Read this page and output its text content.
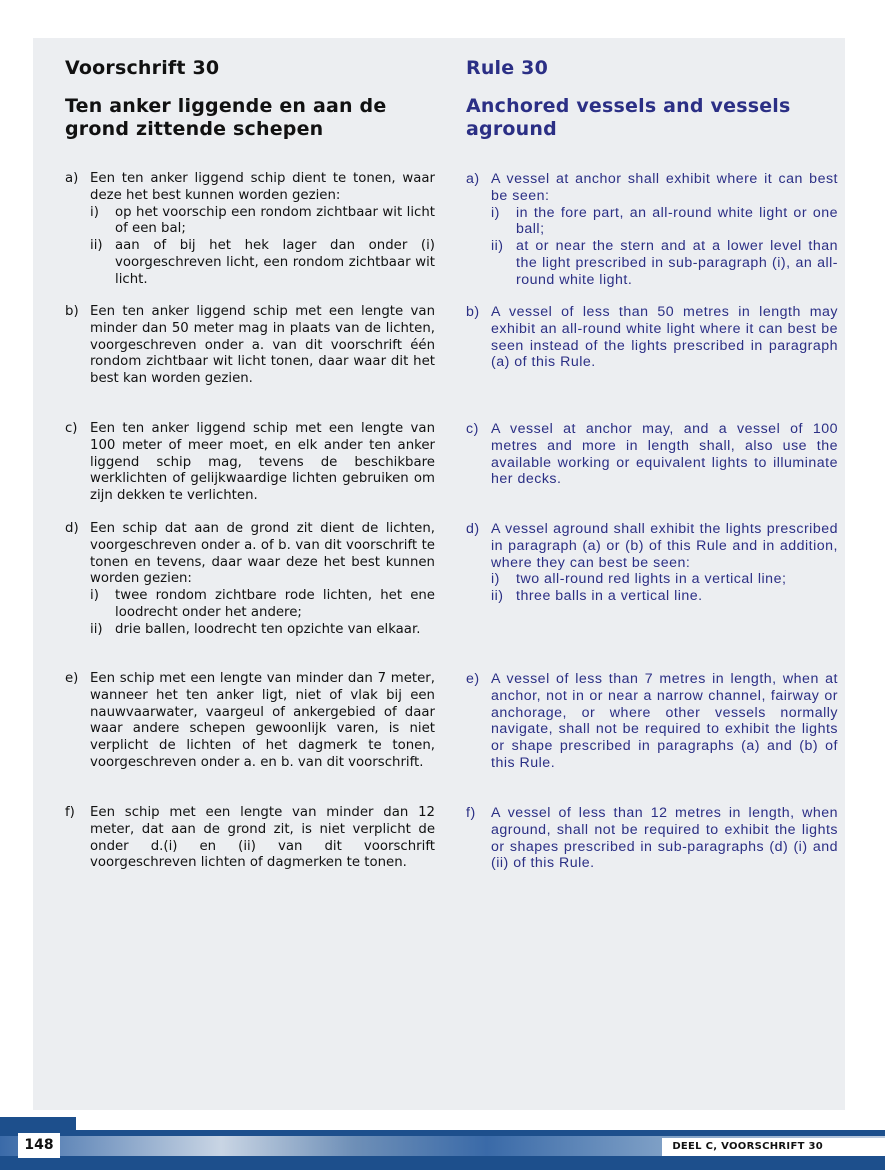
Voorschrift 30
Ten anker liggende en aan de grond zittende schepen
a) Een ten anker liggend schip dient te tonen, waar deze het best kunnen worden gezien:
i) op het voorschip een rondom zichtbaar wit licht of een bal;
ii) aan of bij het hek lager dan onder (i) voorgeschreven licht, een rondom zichtbaar wit licht.
b) Een ten anker liggend schip met een lengte van minder dan 50 meter mag in plaats van de lichten, voorgeschreven onder a. van dit voorschrift één rondom zichtbaar wit licht tonen, daar waar dit het best kan worden gezien.
c) Een ten anker liggend schip met een lengte van 100 meter of meer moet, en elk ander ten anker liggend schip mag, tevens de beschikbare werklichten of gelijkwaardige lichten gebruiken om zijn dekken te verlichten.
d) Een schip dat aan de grond zit dient de lichten, voorgeschreven onder a. of b. van dit voorschrift te tonen en tevens, daar waar deze het best kunnen worden gezien:
i) twee rondom zichtbare rode lichten, het ene loodrecht onder het andere;
ii) drie ballen, loodrecht ten opzichte van elkaar.
e) Een schip met een lengte van minder dan 7 meter, wanneer het ten anker ligt, niet of vlak bij een nauwvaarwater, vaargeul of ankergebied of daar waar andere schepen gewoonlijk varen, is niet verplicht de lichten of het dagmerk te tonen, voorgeschreven onder a. en b. van dit voorschrift.
f) Een schip met een lengte van minder dan 12 meter, dat aan de grond zit, is niet verplicht de onder d.(i) en (ii) van dit voorschrift voorgeschreven lichten of dagmerken te tonen.
Rule 30
Anchored vessels and vessels aground
a) A vessel at anchor shall exhibit where it can best be seen:
i) in the fore part, an all-round white light or one ball;
ii) at or near the stern and at a lower level than the light prescribed in sub-paragraph (i), an all-round white light.
b) A vessel of less than 50 metres in length may exhibit an all-round white light where it can best be seen instead of the lights prescribed in paragraph (a) of this Rule.
c) A vessel at anchor may, and a vessel of 100 metres and more in length shall, also use the available working or equivalent lights to illuminate her decks.
d) A vessel aground shall exhibit the lights prescribed in paragraph (a) or (b) of this Rule and in addition, where they can best be seen:
i) two all-round red lights in a vertical line;
ii) three balls in a vertical line.
e) A vessel of less than 7 metres in length, when at anchor, not in or near a narrow channel, fairway or anchorage, or where other vessels normally navigate, shall not be required to exhibit the lights or shape prescribed in paragraphs (a) and (b) of this Rule.
f) A vessel of less than 12 metres in length, when aground, shall not be required to exhibit the lights or shapes prescribed in sub-paragraphs (d) (i) and (ii) of this Rule.
148	DEEL C, VOORSCHRIFT 30
